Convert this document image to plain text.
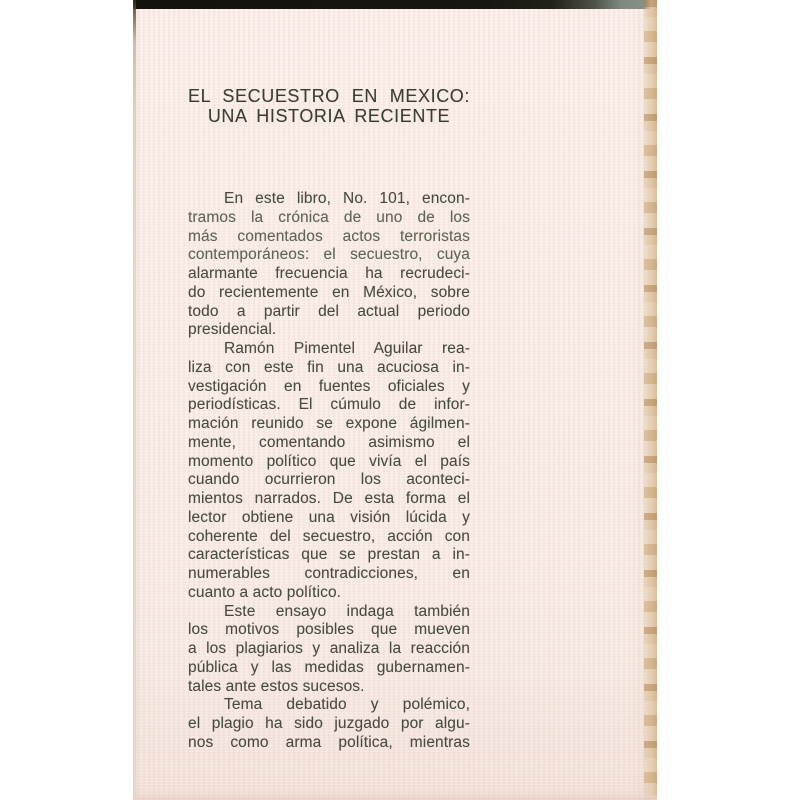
EL SECUESTRO EN MEXICO:
UNA HISTORIA RECIENTE
En este libro, No. 101, encon-
tramos la crónica de uno de los
más comentados actos terroristas
contemporáneos: el secuestro, cuya
alarmante frecuencia ha recrudeci-
do recientemente en México, sobre
todo a partir del actual periodo
presidencial.
Ramón Pimentel Aguilar rea-
liza con este fin una acuciosa in-
vestigación en fuentes oficiales y
periodísticas. El cúmulo de infor-
mación reunido se expone ágilmen-
mente, comentando asimismo el
momento político que vivía el país
cuando ocurrieron los aconteci-
mientos narrados. De esta forma el
lector obtiene una visión lúcida y
coherente del secuestro, acción con
características que se prestan a in-
numerables contradicciones, en
cuanto a acto político.
Este ensayo indaga también
los motivos posibles que mueven
a los plagiarios y analiza la reacción
pública y las medidas gubernamen-
tales ante estos sucesos.
Tema debatido y polémico,
el plagio ha sido juzgado por algu-
nos como arma política, mientras
